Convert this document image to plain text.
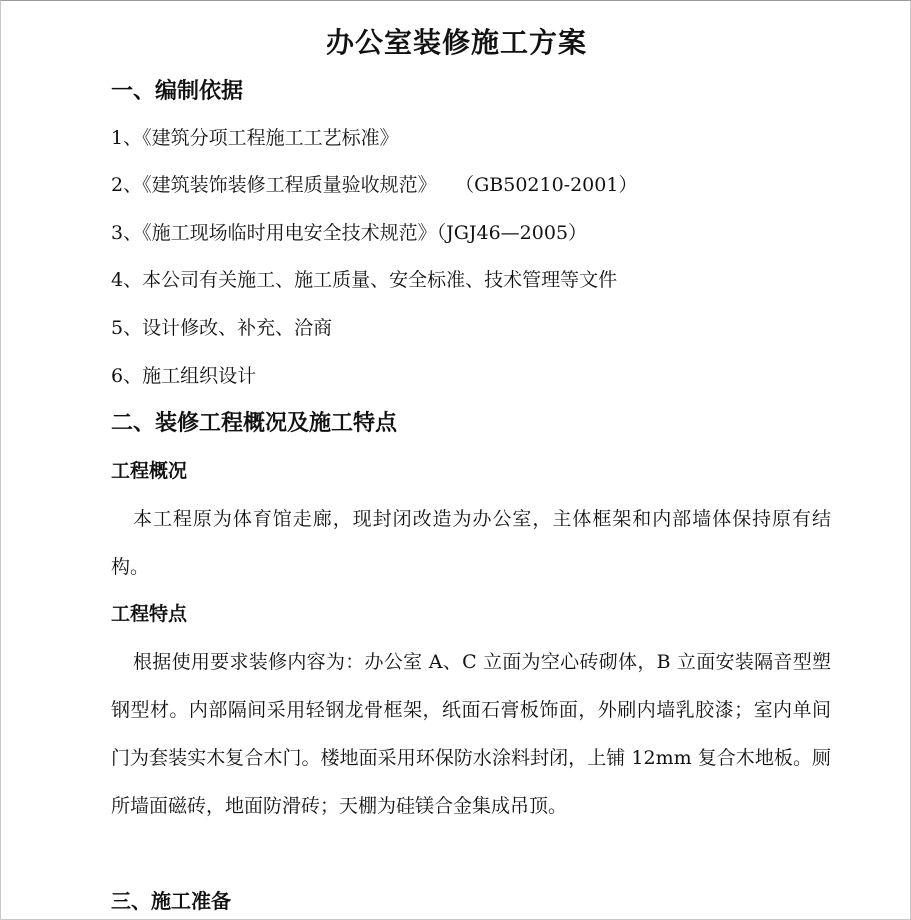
办公室装修施工方案
一、编制依据

1、《建筑分项工程施工工艺标准》

2、《建筑装饰装修工程质量验收规范》 （GB50210-2001）

3、《施工现场临时用电安全技术规范》（JGJ46—2005）

4、本公司有关施工、施工质量、安全标准、技术管理等文件

5、设计修改、补充、洽商

6、施工组织设计

二、装修工程概况及施工特点
工程概况

本工程原为体育馆走廊，现封闭改造为办公室，主体框架和内部墙体保持原有结构。

工程特点

根据使用要求装修内容为：办公室 A、C 立面为空心砖砌体，B 立面安装隔音型塑钢型材。内部隔间采用轻钢龙骨框架，纸面石膏板饰面，外刷内墙乳胶漆；室内单间门为套装实木复合木门。楼地面采用环保防水涂料封闭，上铺 12mm 复合木地板。厕所墙面磁砖，地面防滑砖；天棚为硅镁合金集成吊顶。

三、施工准备
